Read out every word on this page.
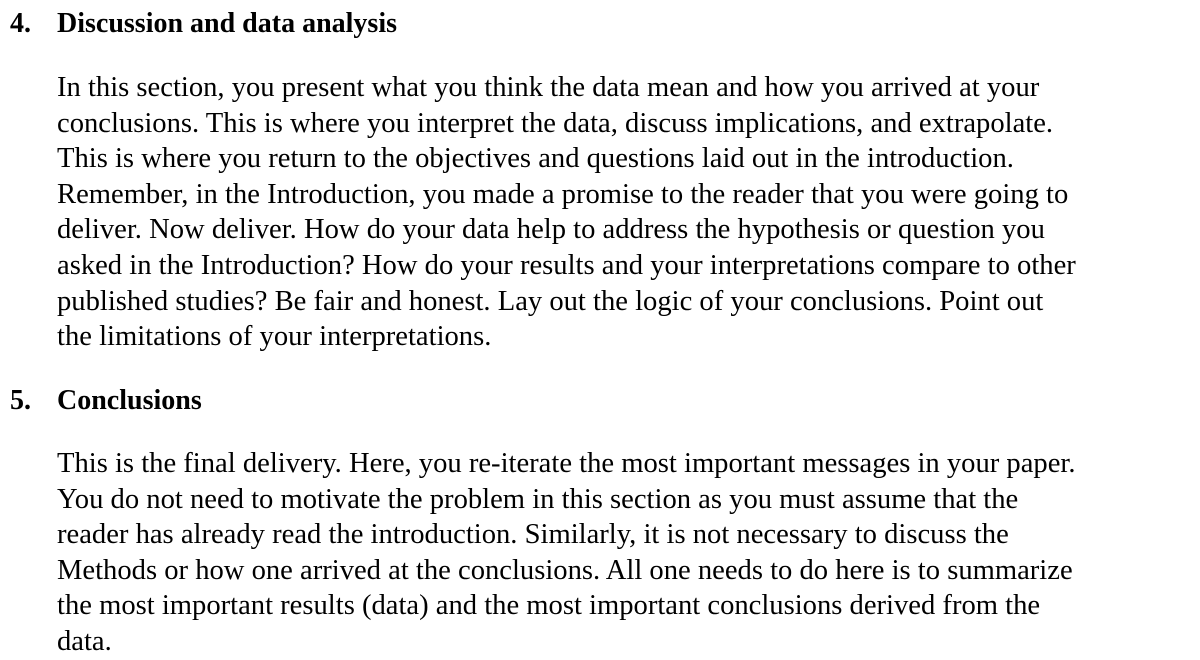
4. Discussion and data analysis
In this section, you present what you think the data mean and how you arrived at your
conclusions. This is where you interpret the data, discuss implications, and extrapolate.
This is where you return to the objectives and questions laid out in the introduction.
Remember, in the Introduction, you made a promise to the reader that you were going to
deliver. Now deliver. How do your data help to address the hypothesis or question you
asked in the Introduction? How do your results and your interpretations compare to other
published studies? Be fair and honest. Lay out the logic of your conclusions. Point out
the limitations of your interpretations.
5. Conclusions
This is the final delivery. Here, you re-iterate the most important messages in your paper.
You do not need to motivate the problem in this section as you must assume that the
reader has already read the introduction. Similarly, it is not necessary to discuss the
Methods or how one arrived at the conclusions. All one needs to do here is to summarize
the most important results (data) and the most important conclusions derived from the
data.
